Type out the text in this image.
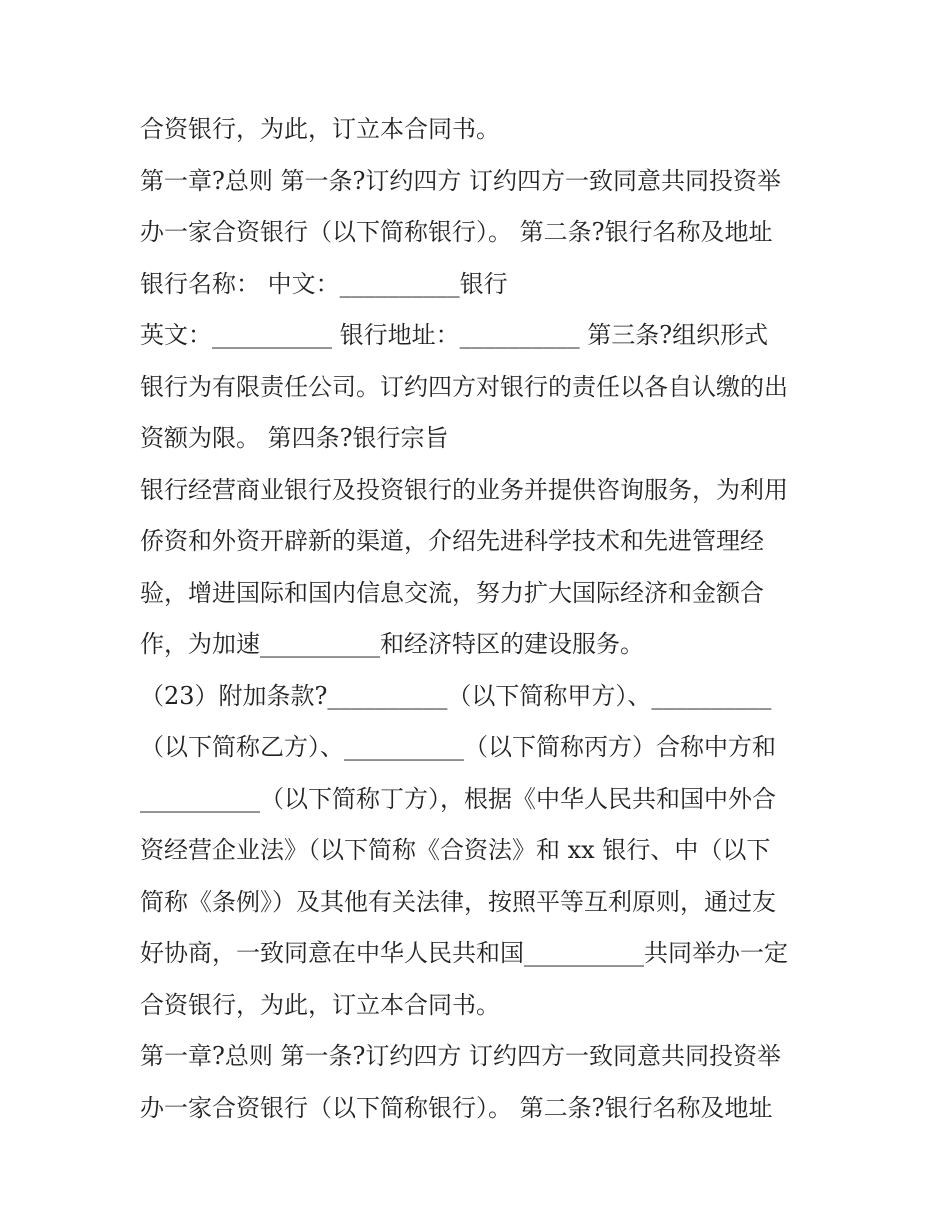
合资银行，为此，订立本合同书。
第一章?总则 第一条?订约四方 订约四方一致同意共同投资举
办一家合资银行（以下简称银行）。 第二条?银行名称及地址
银行名称： 中文：__________银行
英文：__________ 银行地址：__________ 第三条?组织形式
银行为有限责任公司。订约四方对银行的责任以各自认缴的出
资额为限。 第四条?银行宗旨
银行经营商业银行及投资银行的业务并提供咨询服务，为利用
侨资和外资开辟新的渠道，介绍先进科学技术和先进管理经
验，增进国际和国内信息交流，努力扩大国际经济和金额合
作，为加速__________和经济特区的建设服务。
（23）附加条款?__________（以下简称甲方）、__________
（以下简称乙方）、__________（以下简称丙方）合称中方和
__________（以下简称丁方），根据《中华人民共和国中外合
资经营企业法》（以下简称《合资法》和 xx 银行、中（以下
简称《条例》）及其他有关法律，按照平等互利原则，通过友
好协商，一致同意在中华人民共和国__________共同举办一定
合资银行，为此，订立本合同书。
第一章?总则 第一条?订约四方 订约四方一致同意共同投资举
办一家合资银行（以下简称银行）。 第二条?银行名称及地址
